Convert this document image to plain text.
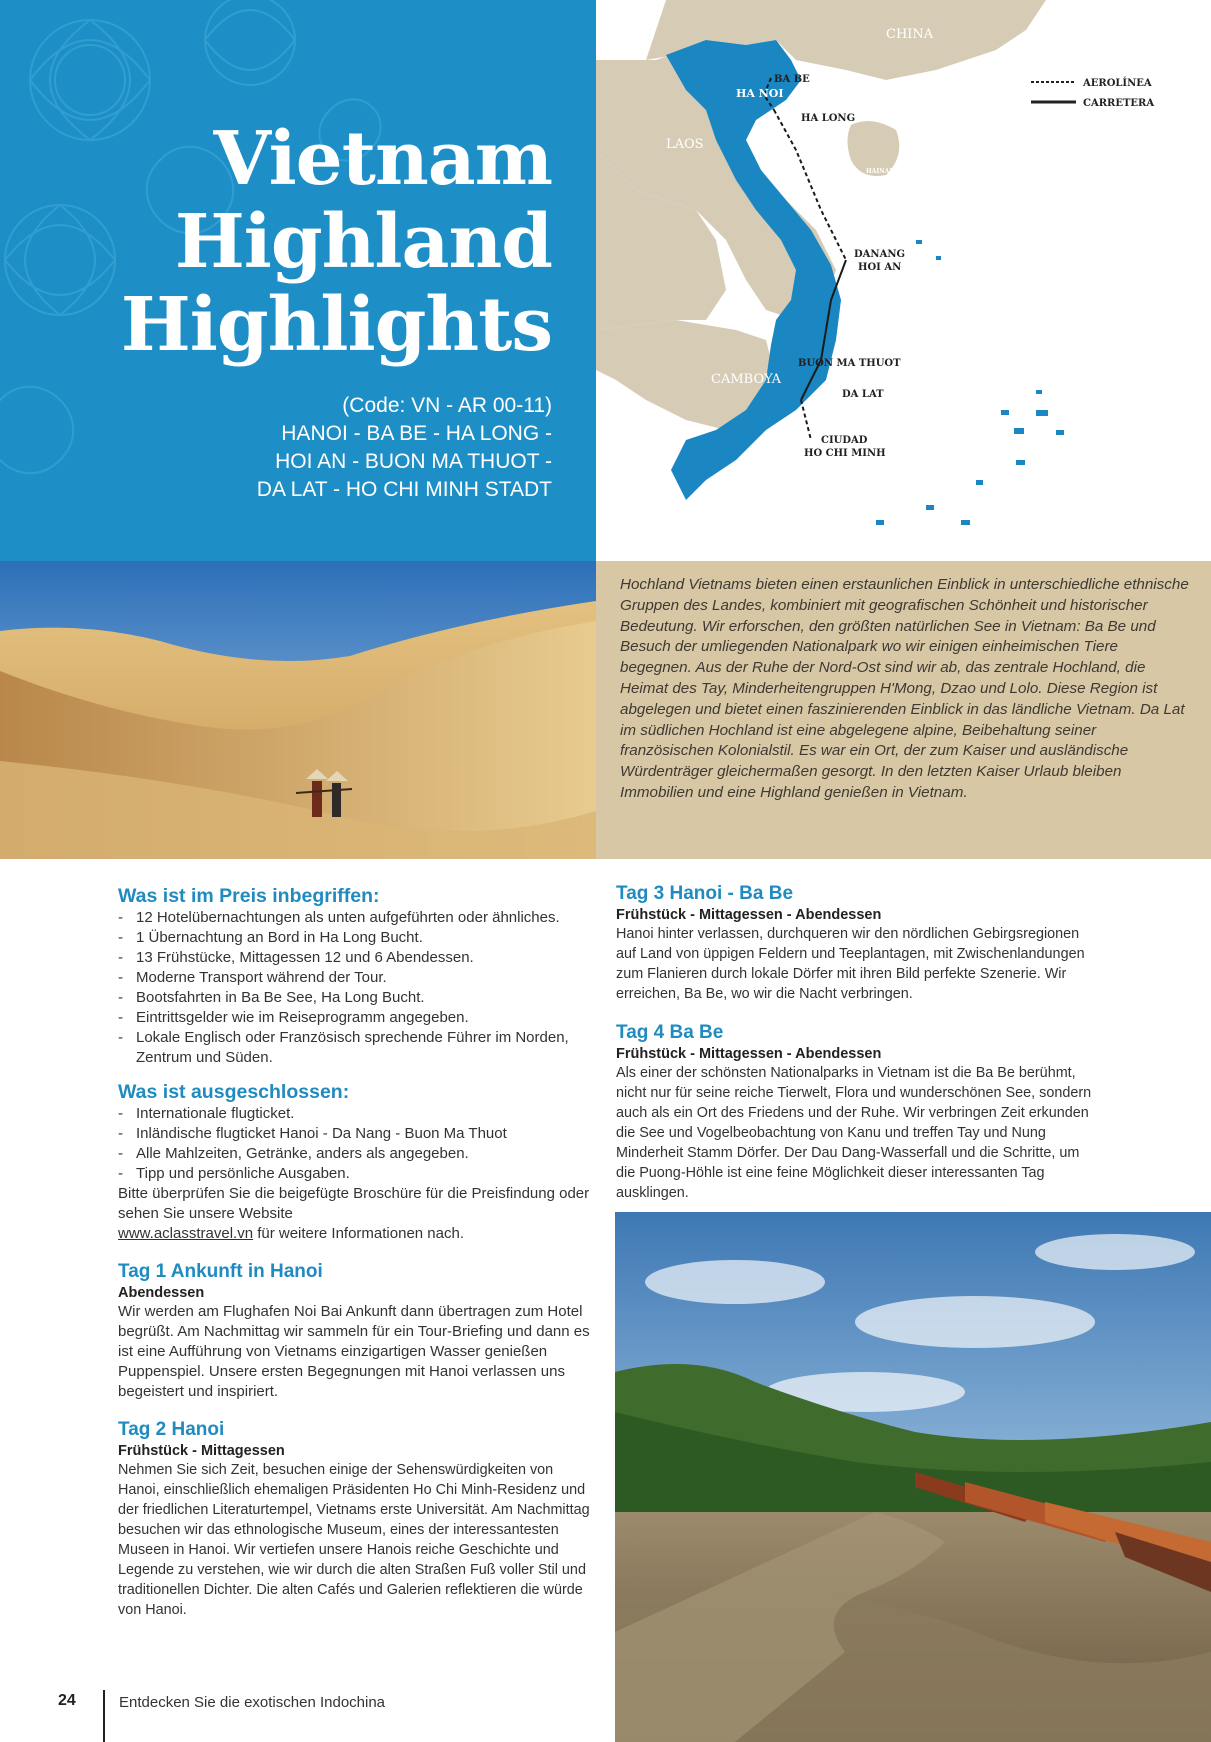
Vietnam
Highland
Highlights
(Code: VN - AR 00-11)
HANOI - BA BE - HA LONG -
HOI AN - BUON MA THUOT -
DA LAT - HO CHI MINH STADT
AEROLÍNEA
CARRETERA
CHINA
LAOS
CAMBOYA
HAINAN
HA NOI
BA BE
HA LONG
DANANG
HOI AN
BUON MA THUOT
DA LAT
CIUDAD
HO CHI MINH

Hochland Vietnams bieten einen erstaunlichen Einblick in unterschiedliche ethnische Gruppen des Landes, kombiniert mit geografischen Schönheit und historischer Bedeutung. Wir erforschen, den größten natürlichen See in Vietnam: Ba Be und Besuch der umliegenden Nationalpark wo wir einigen einheimischen Tiere begegnen. Aus der Ruhe der Nord-Ost sind wir ab, das zentrale Hochland, die Heimat des Tay, Minderheitengruppen H'Mong, Dzao und Lolo. Diese Region ist abgelegen und bietet einen faszinierenden Einblick in das ländliche Vietnam. Da Lat im südlichen Hochland ist eine abgelegene alpine, Beibehaltung seiner französischen Kolonialstil. Es war ein Ort, der zum Kaiser und ausländische Würdenträger gleichermaßen gesorgt. In den letzten Kaiser Urlaub bleiben Immobilien und eine Highland genießen in Vietnam.

Was ist im Preis inbegriffen:

- 12 Hotelübernachtungen als unten aufgeführten oder ähnliches.
- 1 Übernachtung an Bord in Ha Long Bucht.
- 13 Frühstücke, Mittagessen 12 und 6 Abendessen.
- Moderne Transport während der Tour.
- Bootsfahrten in Ba Be See, Ha Long Bucht.
- Eintrittsgelder wie im Reiseprogramm angegeben.
- Lokale Englisch oder Französisch sprechende Führer im Norden, Zentrum und Süden.

Was ist ausgeschlossen:

- Internationale flugticket.
- Inländische flugticket Hanoi - Da Nang - Buon Ma Thuot
- Alle Mahlzeiten, Getränke, anders als angegeben.
- Tipp und persönliche Ausgaben.

Bitte überprüfen Sie die beigefügte Broschüre für die Preisfindung oder sehen Sie unsere Website
www.aclasstravel.vn für weitere Informationen nach.

Tag 1 Ankunft in Hanoi

Abendessen

Wir werden am Flughafen Noi Bai Ankunft dann übertragen zum Hotel begrüßt. Am Nachmittag wir sammeln für ein Tour-Briefing und dann es ist eine Aufführung von Vietnams einzigartigen Wasser genießen Puppenspiel. Unsere ersten Begegnungen mit Hanoi verlassen uns begeistert und inspiriert.

Tag 2 Hanoi

Frühstück - Mittagessen

Nehmen Sie sich Zeit, besuchen einige der Sehenswürdigkeiten von Hanoi, einschließlich ehemaligen Präsidenten Ho Chi Minh-Residenz und der friedlichen Literaturtempel, Vietnams erste Universität. Am Nachmittag besuchen wir das ethnologische Museum, eines der interessantesten Museen in Hanoi. Wir vertiefen unsere Hanois reiche Geschichte und Legende zu verstehen, wie wir durch die alten Straßen Fuß voller Stil und traditionellen Dichter. Die alten Cafés und Galerien reflektieren die würde von Hanoi.

Tag 3 Hanoi - Ba Be

Frühstück - Mittagessen - Abendessen

Hanoi hinter verlassen, durchqueren wir den nördlichen Gebirgsregionen auf Land von üppigen Feldern und Teeplantagen, mit Zwischenlandungen zum Flanieren durch lokale Dörfer mit ihren Bild perfekte Szenerie. Wir erreichen, Ba Be, wo wir die Nacht verbringen.

Tag 4 Ba Be

Frühstück - Mittagessen - Abendessen

Als einer der schönsten Nationalparks in Vietnam ist die Ba Be berühmt, nicht nur für seine reiche Tierwelt, Flora und wunderschönen See, sondern auch als ein Ort des Friedens und der Ruhe. Wir verbringen Zeit erkunden die See und Vogelbeobachtung von Kanu und treffen Tay und Nung Minderheit Stamm Dörfer. Der Dau Dang-Wasserfall und die Schritte, um die Puong-Höhle ist eine feine Möglichkeit dieser interessanten Tag ausklingen.

24	Entdecken Sie die exotischen Indochina
